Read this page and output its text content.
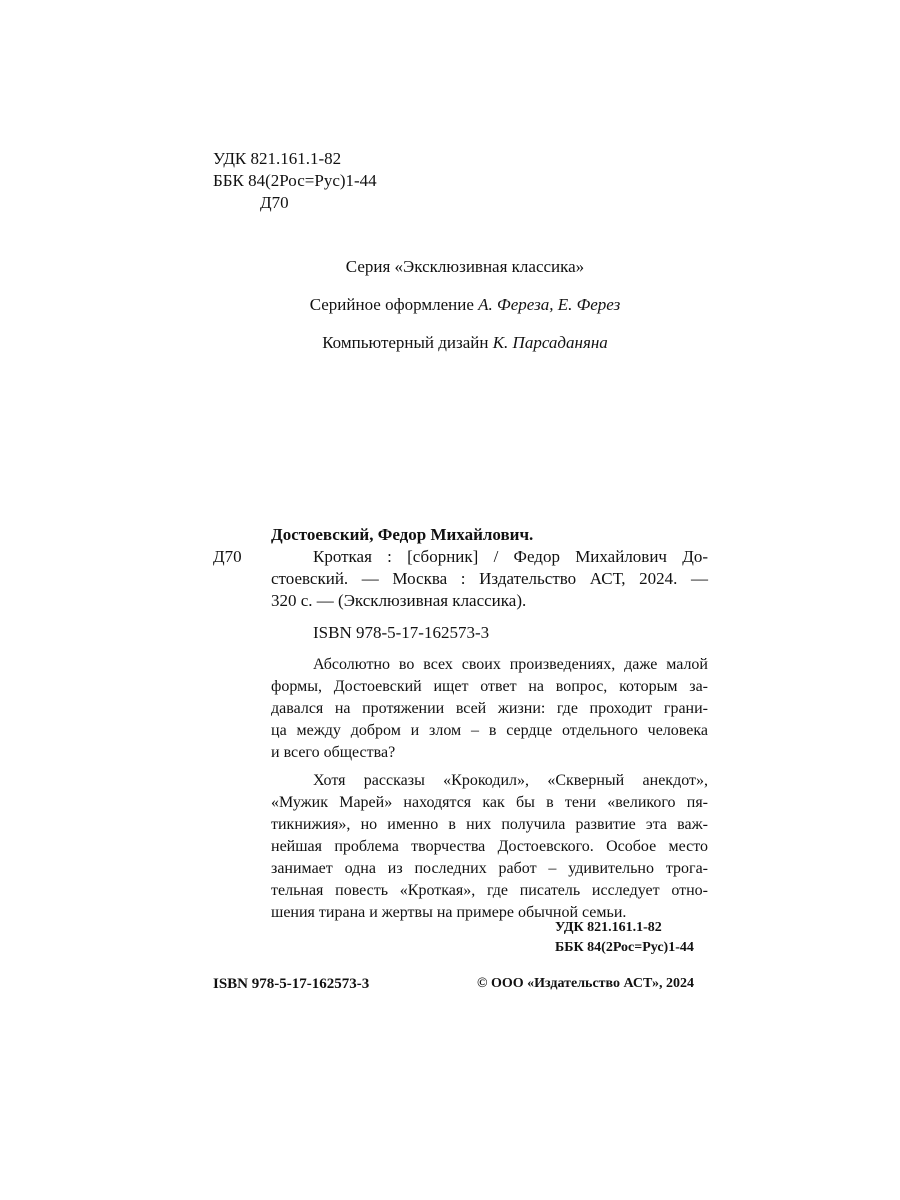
УДК 821.161.1-82
ББК 84(2Рос=Рус)1-44
Д70
Серия «Эксклюзивная классика»
Серийное оформление А. Фереза, Е. Ферез
Компьютерный дизайн К. Парсаданяна
Достоевский, Федор Михайлович.
Д70	Кроткая : [сборник] / Федор Михайлович До-
стоевский. — Москва : Издательство АСТ, 2024. —
320 с. — (Эксклюзивная классика).
ISBN 978-5-17-162573-3
Абсолютно во всех своих произведениях, даже малой
формы, Достоевский ищет ответ на вопрос, которым за-
давался на протяжении всей жизни: где проходит грани-
ца между добром и злом – в сердце отдельного человека
и всего общества?
Хотя рассказы «Крокодил», «Скверный анекдот»,
«Мужик Марей» находятся как бы в тени «великого пя-
тикнижия», но именно в них получила развитие эта важ-
нейшая проблема творчества Достоевского. Особое место
занимает одна из последних работ – удивительно трога-
тельная повесть «Кроткая», где писатель исследует отно-
шения тирана и жертвы на примере обычной семьи.
УДК 821.161.1-82
ББК 84(2Рос=Рус)1-44
ISBN 978-5-17-162573-3	© ООО «Издательство АСТ», 2024
